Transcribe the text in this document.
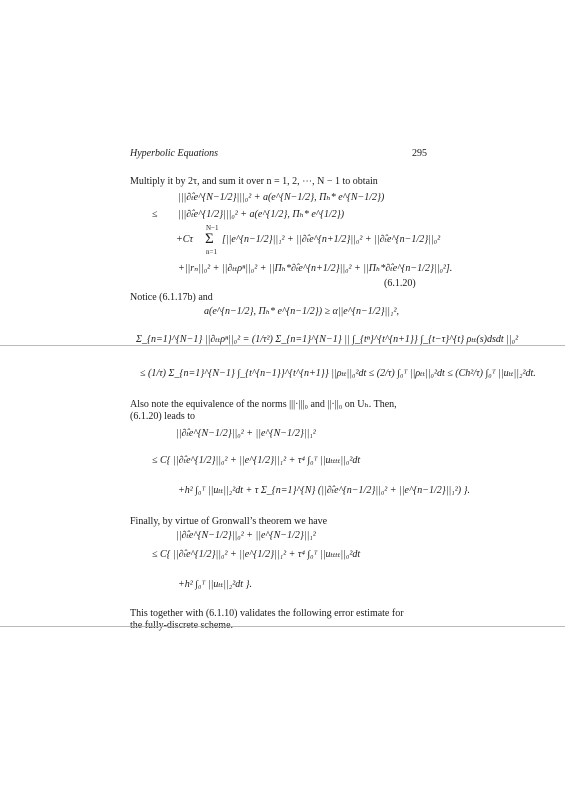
Hyperbolic Equations	295
Multiply it by 2τ, and sum it over n = 1, 2, ⋯, N − 1 to obtain
|||∂̂ₜe^{N−1/2}|||₀² + a(e^{N−1/2}, Πₕ* e^{N−1/2})
≤ |||∂̂ₜe^{1/2}|||₀² + a(e^{1/2}, Πₕ* e^{1/2})
+Cτ
N−1
Σ
n=1
[||e^{n−1/2}||₁² + ||∂̂ₜe^{n+1/2}||₀² + ||∂̂ₜe^{n−1/2}||₀²
+||rₙ||₀² + ||∂ₜₜρⁿ||₀² + ||Πₕ*∂̂ₜe^{n+1/2}||₀² + ||Πₕ*∂̂ₜe^{n−1/2}||₀²].
(6.1.20)
Notice (6.1.17b) and
a(e^{n−1/2}, Πₕ* e^{n−1/2}) ≥ α||e^{n−1/2}||₁²,
Σ_{n=1}^{N−1} ||∂ₜₜρⁿ||₀² = (1/τ²) Σ_{n=1}^{N−1} || ∫_{tⁿ}^{t^{n+1}} ∫_{t−τ}^{t} ρₜₜ(s)dsdt ||₀²
≤ (1/τ) Σ_{n=1}^{N−1} ∫_{t^{n−1}}^{t^{n+1}} ||ρₜₜ||₀²dt ≤ (2/τ) ∫₀ᵀ ||ρₜₜ||₀²dt ≤ (Ch²/τ) ∫₀ᵀ ||uₜₜ||₂²dt.
Also note the equivalence of the norms |||·|||₀ and ||·||₀ on Uₕ. Then,
(6.1.20) leads to
||∂̂ₜe^{N−1/2}||₀² + ||e^{N−1/2}||₁²
≤ C{ ||∂̂ₜe^{1/2}||₀² + ||e^{1/2}||₁² + τ⁴ ∫₀ᵀ ||uₜₜₜₜ||₀²dt
+h² ∫₀ᵀ ||uₜₜ||₂²dt + τ Σ_{n=1}^{N} (||∂̂ₜe^{n−1/2}||₀² + ||e^{n−1/2}||₁²) }.
Finally, by virtue of Gronwall’s theorem we have
||∂̂ₜe^{N−1/2}||₀² + ||e^{N−1/2}||₁²
≤ C{ ||∂̂ₜe^{1/2}||₀² + ||e^{1/2}||₁² + τ⁴ ∫₀ᵀ ||uₜₜₜₜ||₀²dt
+h² ∫₀ᵀ ||uₜₜ||₂²dt }.
This together with (6.1.10) validates the following error estimate for
